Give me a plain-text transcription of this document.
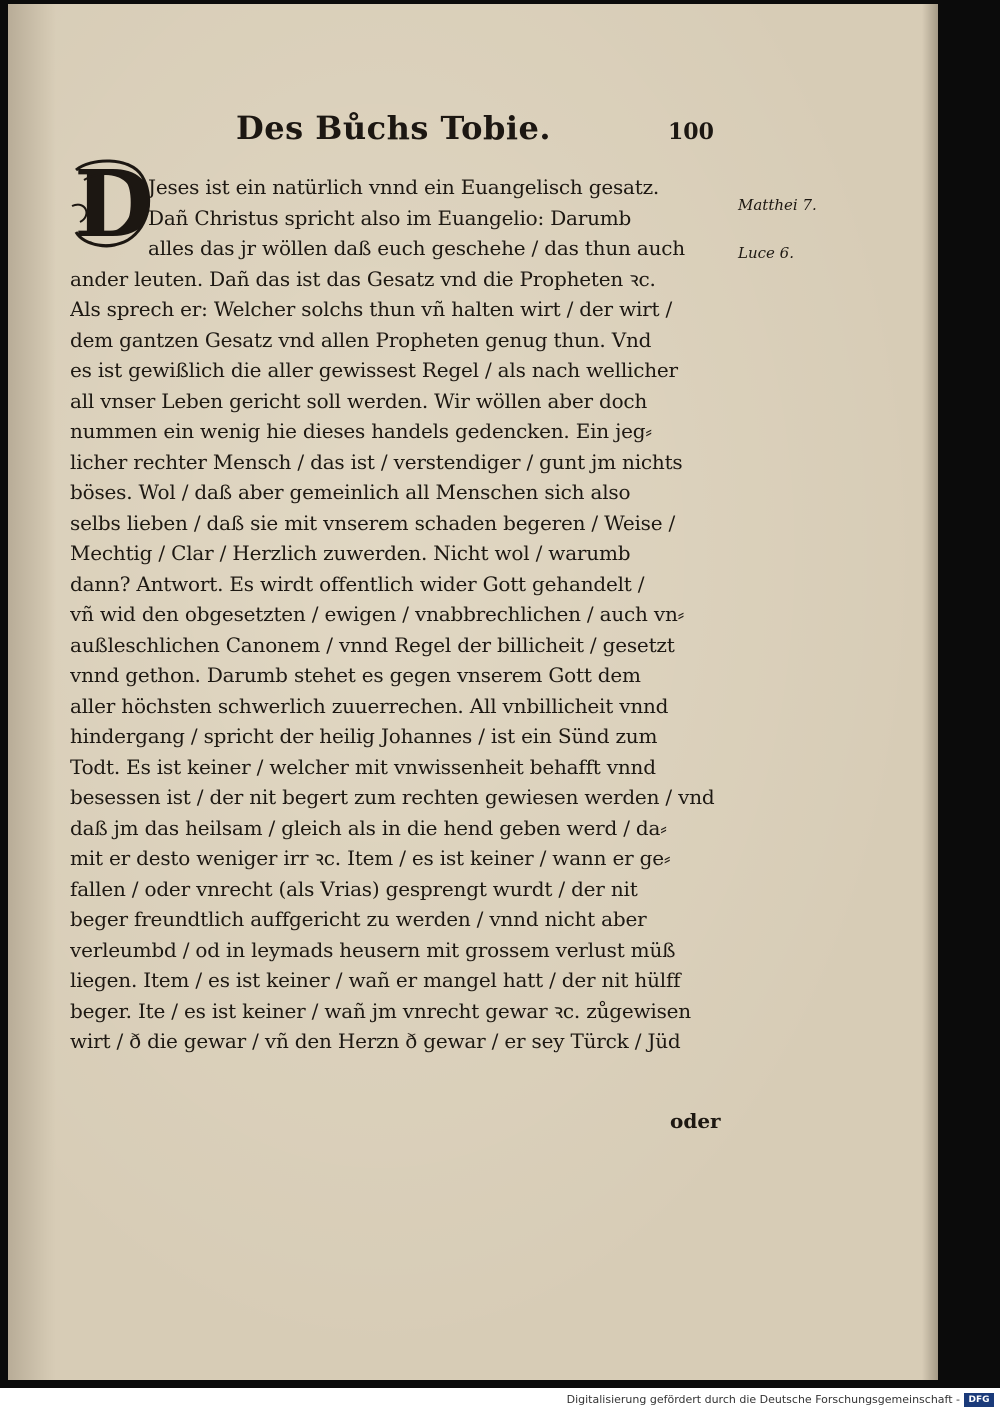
Des Bůchs Tobie.	100
D
Jeses ist ein natürlich vnnd ein Euangelisch gesatz.
Dañ Christus spricht also im Euangelio: Darumb
alles das jr wöllen daß euch geschehe / das thun auch
ander leuten. Dañ das ist das Gesatz vnd die Propheten ꝛc.
Als sprech er: Welcher solchs thun vñ halten wirt / der wirt /
dem gantzen Gesatz vnd allen Propheten genug thun. Vnd
es ist gewißlich die aller gewissest Regel / als nach wellicher
all vnser Leben gericht soll werden. Wir wöllen aber doch
nummen ein wenig hie dieses handels gedencken. Ein jeg⸗
licher rechter Mensch / das ist / verstendiger / gunt jm nichts
böses. Wol / daß aber gemeinlich all Menschen sich also
selbs lieben / daß sie mit vnserem schaden begeren / Weise /
Mechtig / Clar / Herzlich zuwerden. Nicht wol / warumb
dann? Antwort. Es wirdt offentlich wider Gott gehandelt /
vñ wid den obgesetzten / ewigen / vnabbrechlichen / auch vn⸗
außleschlichen Canonem / vnnd Regel der billicheit / gesetzt
vnnd gethon. Darumb stehet es gegen vnserem Gott dem
aller höchsten schwerlich zuuerrechen. All vnbillicheit vnnd
hindergang / spricht der heilig Johannes / ist ein Sünd zum
Todt. Es ist keiner / welcher mit vnwissenheit behafft vnnd
besessen ist / der nit begert zum rechten gewiesen werden / vnd
daß jm das heilsam / gleich als in die hend geben werd / da⸗
mit er desto weniger irr ꝛc. Item / es ist keiner / wann er ge⸗
fallen / oder vnrecht (als Vrias) gesprengt wurdt / der nit
beger freundtlich auffgericht zu werden / vnnd nicht aber
verleumbd / od in leymads heusern mit grossem verlust müß
liegen. Item / es ist keiner / wañ er mangel hatt / der nit hülff
beger. Ite / es ist keiner / wañ jm vnrecht gewar ꝛc. zůgewisen
wirt / ð die gewar / vñ den Herzn ð gewar / er sey Türck / Jüd
oder
Matthei 7.
Luce 6.
Digitalisierung gefördert durch die Deutsche Forschungsgemeinschaft - DFG
